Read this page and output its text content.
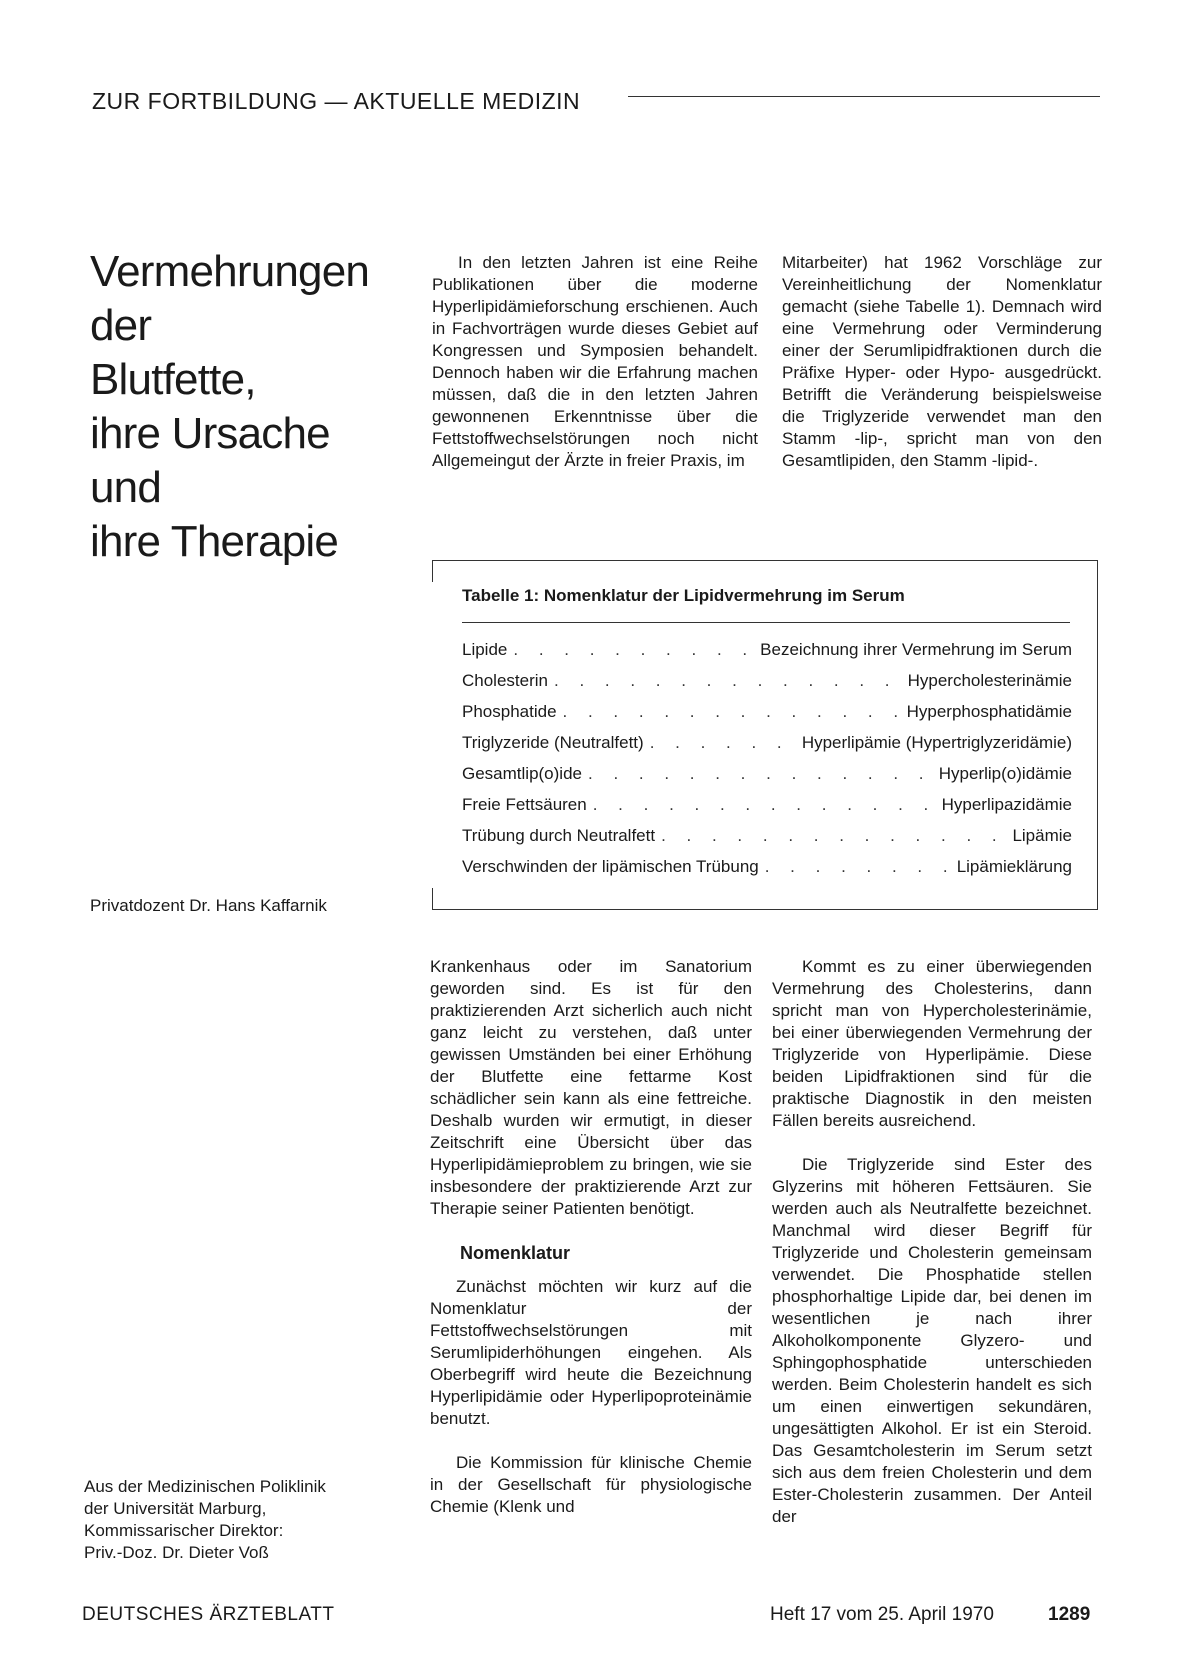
ZUR FORTBILDUNG — AKTUELLE MEDIZIN
Vermehrungen
der
Blutfette,
ihre Ursache
und
ihre Therapie

In den letzten Jahren ist eine Reihe Publikationen über die moderne Hyperlipidämieforschung erschienen. Auch in Fachvorträgen wurde dieses Gebiet auf Kongressen und Symposien behandelt. Dennoch haben wir die Erfahrung machen müssen, daß die in den letzten Jahren gewonnenen Erkenntnisse über die Fettstoffwechselstörungen noch nicht Allgemeingut der Ärzte in freier Praxis, im

Mitarbeiter) hat 1962 Vorschläge zur Vereinheitlichung der Nomenklatur gemacht (siehe Tabelle 1). Demnach wird eine Vermehrung oder Verminderung einer der Serumlipidfraktionen durch die Präfixe Hyper- oder Hypo- ausgedrückt. Betrifft die Veränderung beispielsweise die Triglyzeride verwendet man den Stamm -lip-, spricht man von den Gesamtlipiden, den Stamm -lipid-.

Tabelle 1: Nomenklatur der Lipidvermehrung im Serum
Lipide . . .	Bezeichnung ihrer Vermehrung im Serum
Cholesterin . . .	Hypercholesterinämie
Phosphatide . . .	Hyperphosphatidämie
Triglyzeride (Neutralfett) . . .	Hyperlipämie (Hypertriglyzeridämie)
Gesamtlip(o)ide . . .	Hyperlip(o)idämie
Freie Fettsäuren . . .	Hyperlipazidämie
Trübung durch Neutralfett . . .	Lipämie
Verschwinden der lipämischen Trübung . . .	Lipämieklärung
Privatdozent Dr. Hans Kaffarnik

Krankenhaus oder im Sanatorium geworden sind. Es ist für den praktizierenden Arzt sicherlich auch nicht ganz leicht zu verstehen, daß unter gewissen Umständen bei einer Erhöhung der Blutfette eine fettarme Kost schädlicher sein kann als eine fettreiche. Deshalb wurden wir ermutigt, in dieser Zeitschrift eine Übersicht über das Hyperlipidämieproblem zu bringen, wie sie insbesondere der praktizierende Arzt zur Therapie seiner Patienten benötigt.

Nomenklatur

Zunächst möchten wir kurz auf die Nomenklatur der Fettstoffwechselstörungen mit Serumlipiderhöhungen eingehen. Als Oberbegriff wird heute die Bezeichnung Hyperlipidämie oder Hyperlipoproteinämie benutzt.

Die Kommission für klinische Chemie in der Gesellschaft für physiologische Chemie (Klenk und

Kommt es zu einer überwiegenden Vermehrung des Cholesterins, dann spricht man von Hypercholesterinämie, bei einer überwiegenden Vermehrung der Triglyzeride von Hyperlipämie. Diese beiden Lipidfraktionen sind für die praktische Diagnostik in den meisten Fällen bereits ausreichend.

Die Triglyzeride sind Ester des Glyzerins mit höheren Fettsäuren. Sie werden auch als Neutralfette bezeichnet. Manchmal wird dieser Begriff für Triglyzeride und Cholesterin gemeinsam verwendet. Die Phosphatide stellen phosphorhaltige Lipide dar, bei denen im wesentlichen je nach ihrer Alkoholkomponente Glyzero- und Sphingophosphatide unterschieden werden. Beim Cholesterin handelt es sich um einen einwertigen sekundären, ungesättigten Alkohol. Er ist ein Steroid. Das Gesamtcholesterin im Serum setzt sich aus dem freien Cholesterin und dem Ester-Cholesterin zusammen. Der Anteil der

Aus der Medizinischen Poliklinik
der Universität Marburg,
Kommissarischer Direktor:
Priv.-Doz. Dr. Dieter Voß
DEUTSCHES ÄRZTEBLATT	Heft 17 vom 25. April 1970	1289
